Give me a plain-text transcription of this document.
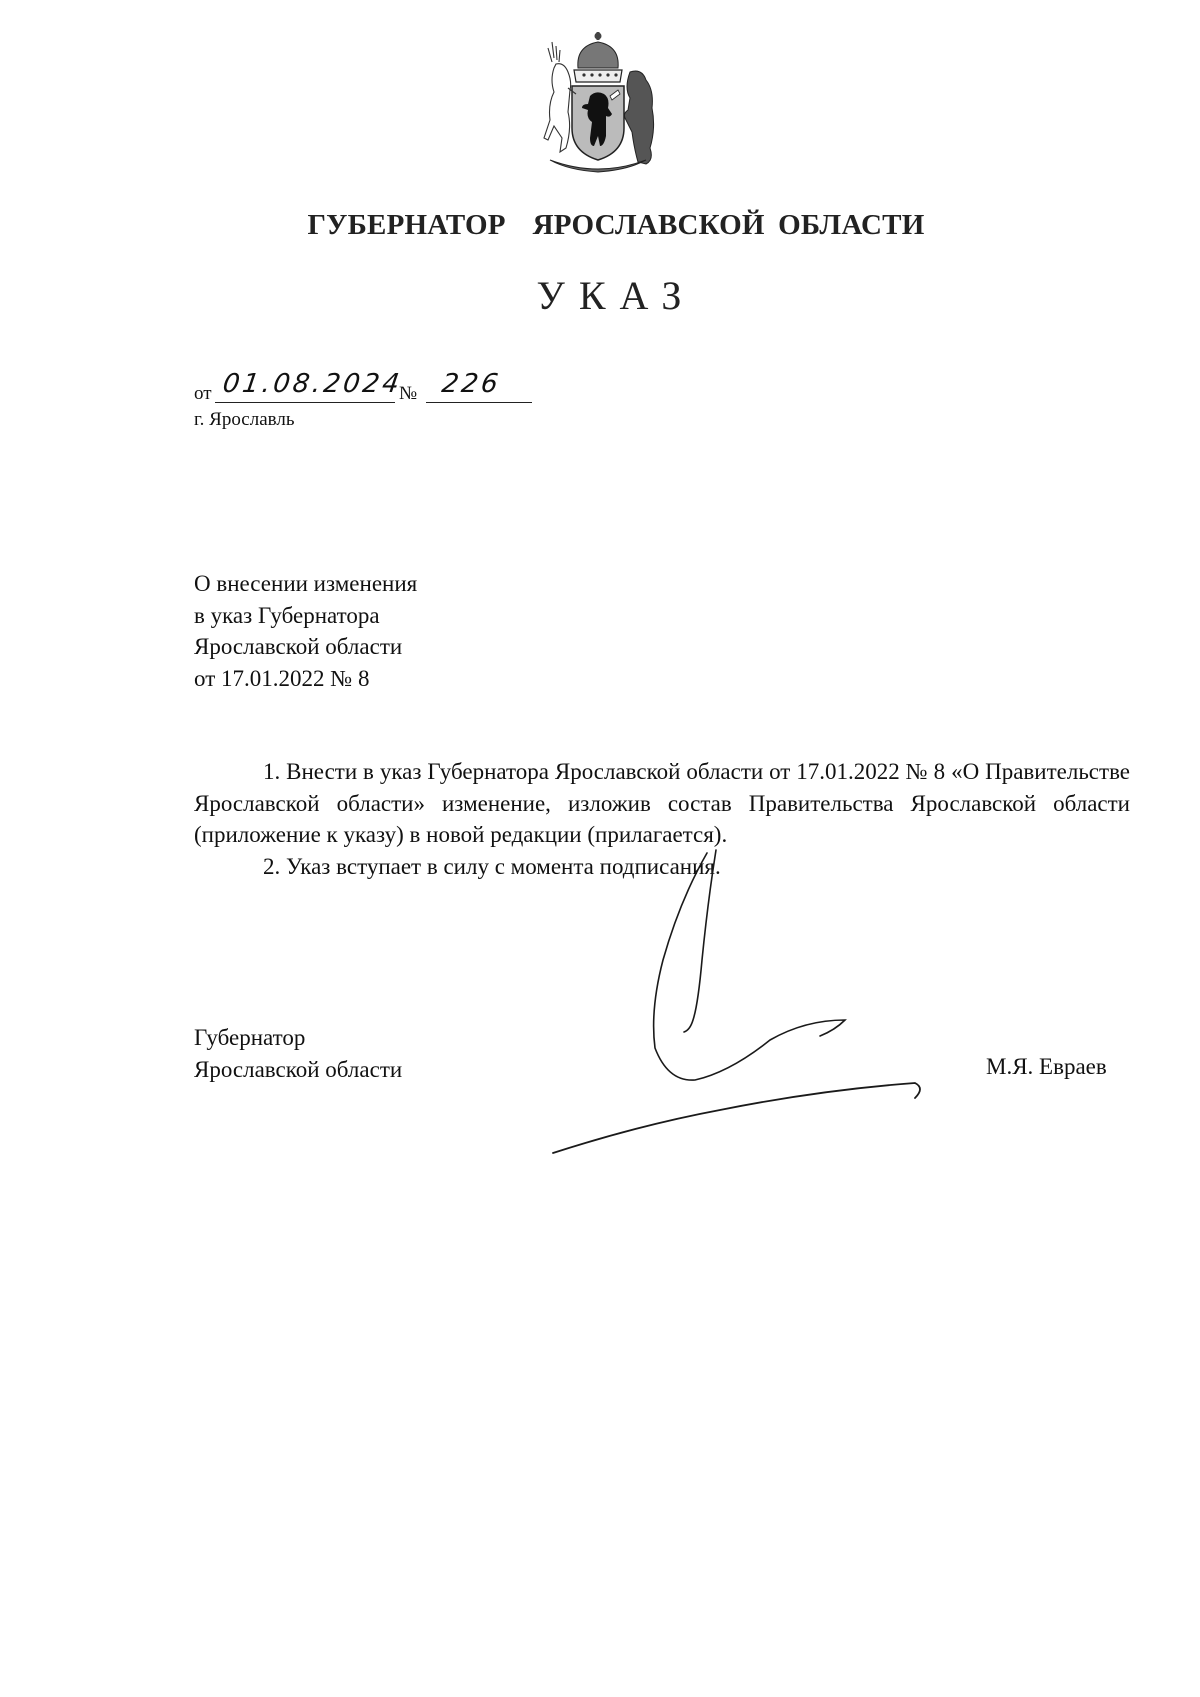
ГУБЕРНАТОР  ЯРОСЛАВСКОЙ ОБЛАСТИ
УКАЗ
от 01.08.2024
№ 226
г. Ярославль
О внесении изменения
в указ Губернатора
Ярославской области
от 17.01.2022 № 8
1. Внести в указ Губернатора Ярославской области от 17.01.2022 № 8 «О Правительстве Ярославской области» изменение, изложив состав Правительства Ярославской области (приложение к указу) в новой редакции (прилагается).
2. Указ вступает в силу с момента подписания.
Губернатор
Ярославской области	М.Я. Евраев
